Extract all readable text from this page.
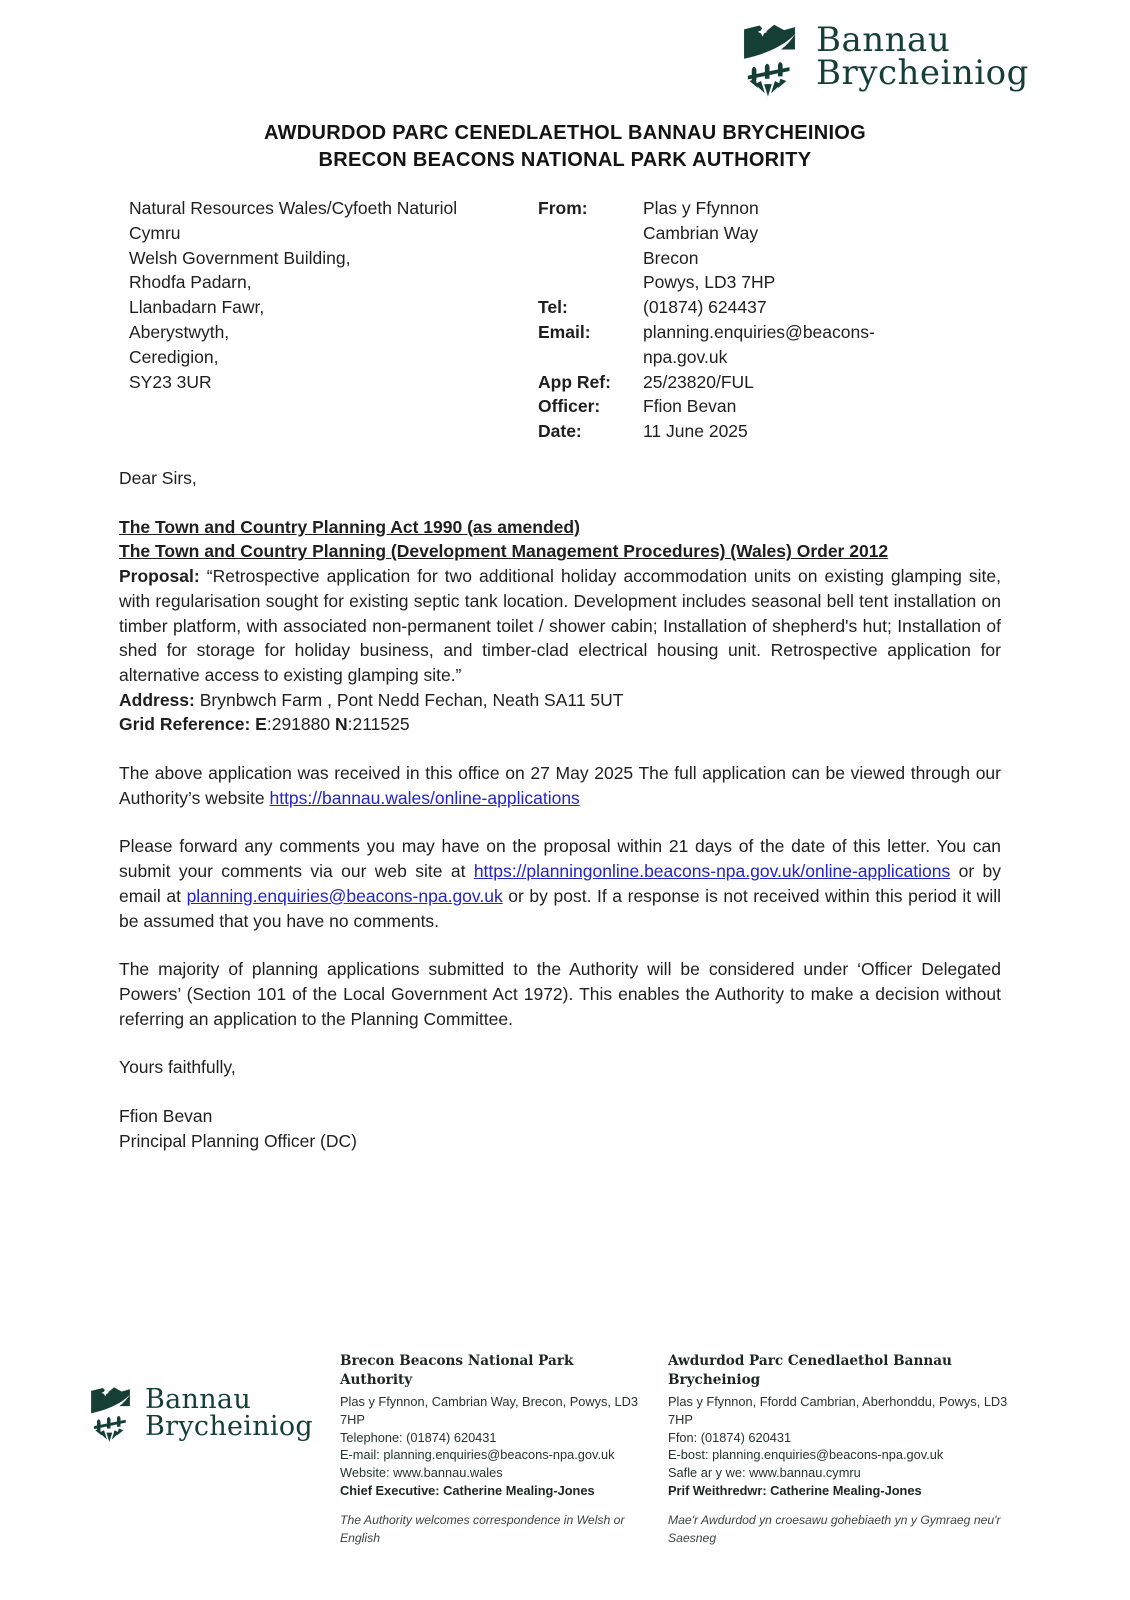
Bannau
Brycheiniog
AWDURDOD PARC CENEDLAETHOL BANNAU BRYCHEINIOG
BRECON BEACONS NATIONAL PARK AUTHORITY
Natural Resources Wales/Cyfoeth Naturiol
Cymru
Welsh Government Building,
Rhodfa Padarn,
Llanbadarn Fawr,
Aberystwyth,
Ceredigion,
SY23 3UR
From:	Plas y Ffynnon
Cambrian Way
Brecon
Powys, LD3 7HP
Tel:	(01874) 624437
Email:	planning.enquiries@beacons-npa.gov.uk
App Ref:	25/23820/FUL
Officer:	Ffion Bevan
Date:	11 June 2025

Dear Sirs,

The Town and Country Planning Act 1990 (as amended)

The Town and Country Planning (Development Management Procedures) (Wales) Order 2012

Proposal: “Retrospective application for two additional holiday accommodation units on existing glamping site, with regularisation sought for existing septic tank location. Development includes seasonal bell tent installation on timber platform, with associated non-permanent toilet / shower cabin; Installation of shepherd's hut; Installation of shed for storage for holiday business, and timber-clad electrical housing unit. Retrospective application for alternative access to existing glamping site.”

Address: Brynbwch Farm , Pont Nedd Fechan, Neath SA11 5UT

Grid Reference: E:291880 N:211525

The above application was received in this office on 27 May 2025 The full application can be viewed through our Authority’s website https://bannau.wales/online-applications

Please forward any comments you may have on the proposal within 21 days of the date of this letter. You can submit your comments via our web site at https://planningonline.beacons-npa.gov.uk/online-applications or by email at planning.enquiries@beacons-npa.gov.uk or by post. If a response is not received within this period it will be assumed that you have no comments.

The majority of planning applications submitted to the Authority will be considered under ‘Officer Delegated Powers’ (Section 101 of the Local Government Act 1972). This enables the Authority to make a decision without referring an application to the Planning Committee.

Yours faithfully,

Ffion Bevan

Principal Planning Officer (DC)

Bannau
Brycheiniog
Brecon Beacons National Park Authority
Plas y Ffynnon, Cambrian Way, Brecon, Powys, LD3 7HP
Telephone: (01874) 620431
E-mail: planning.enquiries@beacons-npa.gov.uk
Website: www.bannau.wales
Chief Executive: Catherine Mealing-Jones
The Authority welcomes correspondence in Welsh or English
Awdurdod Parc Cenedlaethol Bannau Brycheiniog
Plas y Ffynnon, Ffordd Cambrian, Aberhonddu, Powys, LD3 7HP
Ffon: (01874) 620431
E-bost: planning.enquiries@beacons-npa.gov.uk
Safle ar y we: www.bannau.cymru
Prif Weithredwr: Catherine Mealing-Jones
Mae'r Awdurdod yn croesawu gohebiaeth yn y Gymraeg neu'r Saesneg
